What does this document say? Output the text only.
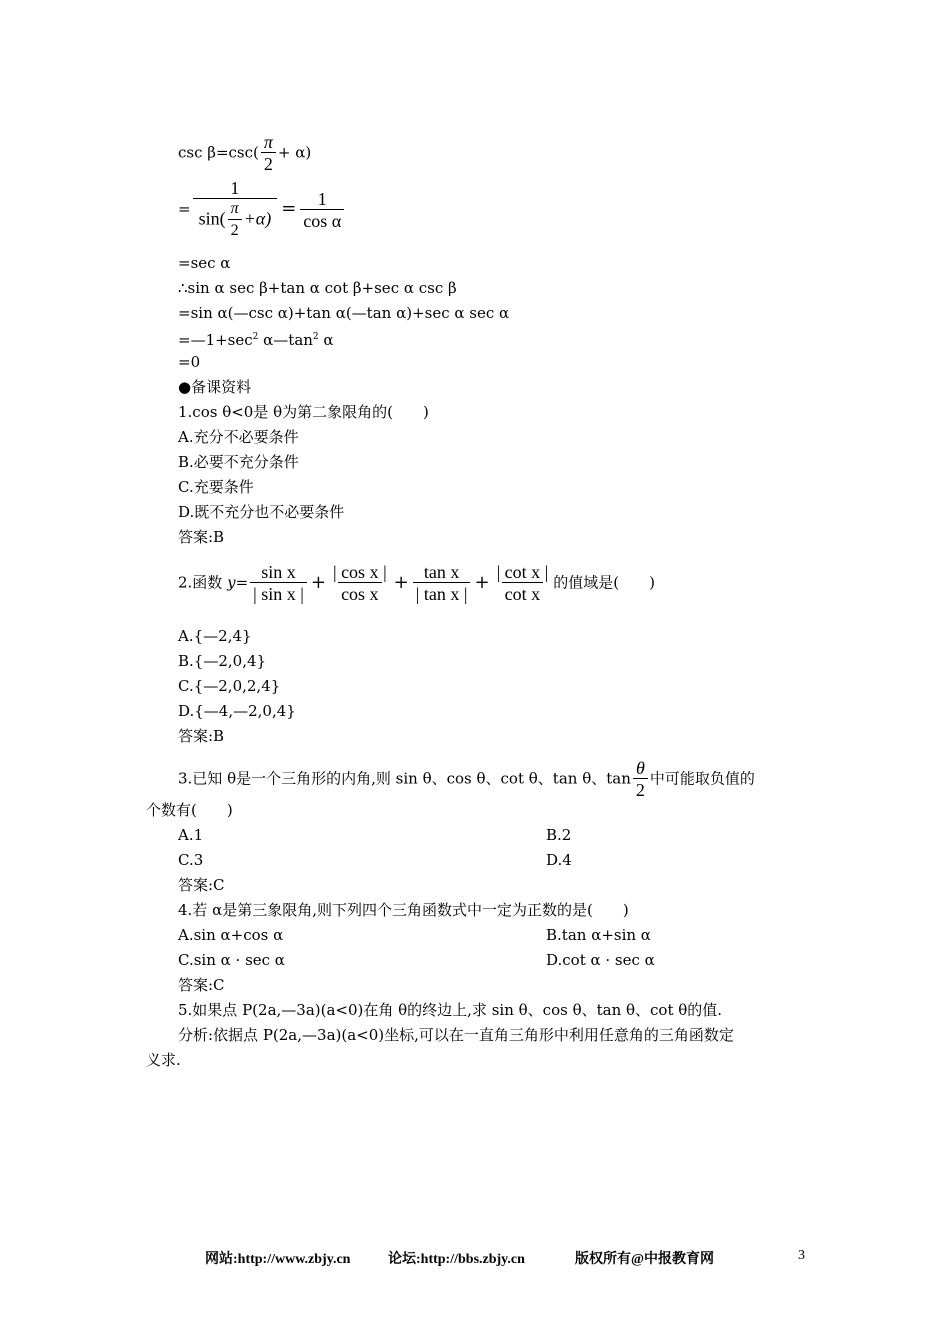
$\csc \beta=\csc( \frac{\pi}{2} + \alpha)$
= $\frac{1}{\sin( \frac{\pi}{2} +\alpha)} = \frac{1}{\text{cos α}}$
=sec α
∴sin α sec β+tan α cot β+sec α csc β
=sin α(—csc α)+tan α(—tan α)+sec α sec α
$=—1+\sec^2$ $\alpha—\tan^2$ α
=0
●备课资料
1.cos θ<0是 θ为第二象限角的(　　)
A.充分不必要条件
B.必要不充分条件
C.充要条件
D.既不充分也不必要条件
答案:B
2.函数 $y= \frac{\text{sin x}}{\text{| sin x |}} + \frac{\text{| cos x |}}{\text{cos x}} + \frac{\text{tan x}}{\text{| tan x |}} + \frac{\text{| cot x |}}{\text{cot x}}$ 的值域是(　　)
A.{—2,4}
B.{—2,0,4}
C.{—2,0,2,4}
D.{—4,—2,0,4}
答案:B
3.已知 θ是一个三角形的内角,则 sin θ、cos θ、cot θ、tan θ、$\tan \frac{\theta}{2}$ 中可能取负值的
个数有(　　)
A.1	B.2
C.3	D.4
答案:C
4.若 α是第三象限角,则下列四个三角函数式中一定为正数的是(　　)
A.sin α+cos α	B.tan α+sin α
C.sin α · sec α	D.cot α · sec α
答案:C
5.如果点 P(2a,—3a)(a<0)在角 θ的终边上,求 sin θ、cos θ、tan θ、cot θ的值.
分析:依据点 P(2a,—3a)(a<0)坐标,可以在一直角三角形中利用任意角的三角函数定
义求.
网站:http://www.zbjy.cn	论坛:http://bbs.zbjy.cn	版权所有@中报教育网	3
